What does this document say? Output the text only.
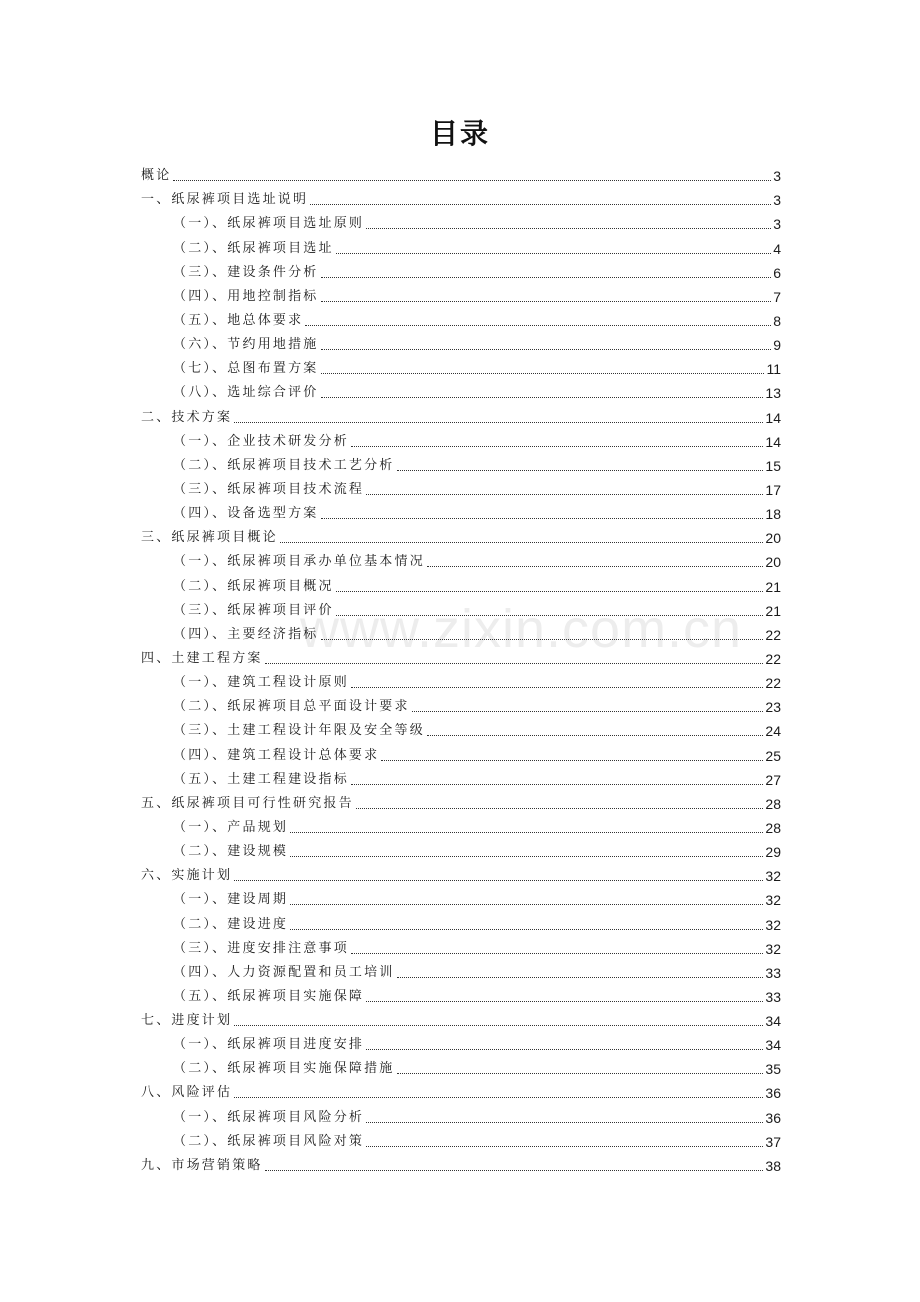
目录
www.zixin.com.cn
概论	3
一、纸尿裤项目选址说明	3
（一）、纸尿裤项目选址原则	3
（二）、纸尿裤项目选址	4
（三）、建设条件分析	6
（四）、用地控制指标	7
（五）、地总体要求	8
（六）、节约用地措施	9
（七）、总图布置方案	11
（八）、选址综合评价	13
二、技术方案	14
（一）、企业技术研发分析	14
（二）、纸尿裤项目技术工艺分析	15
（三）、纸尿裤项目技术流程	17
（四）、设备选型方案	18
三、纸尿裤项目概论	20
（一）、纸尿裤项目承办单位基本情况	20
（二）、纸尿裤项目概况	21
（三）、纸尿裤项目评价	21
（四）、主要经济指标	22
四、土建工程方案	22
（一）、建筑工程设计原则	22
（二）、纸尿裤项目总平面设计要求	23
（三）、土建工程设计年限及安全等级	24
（四）、建筑工程设计总体要求	25
（五）、土建工程建设指标	27
五、纸尿裤项目可行性研究报告	28
（一）、产品规划	28
（二）、建设规模	29
六、实施计划	32
（一）、建设周期	32
（二）、建设进度	32
（三）、进度安排注意事项	32
（四）、人力资源配置和员工培训	33
（五）、纸尿裤项目实施保障	33
七、进度计划	34
（一）、纸尿裤项目进度安排	34
（二）、纸尿裤项目实施保障措施	35
八、风险评估	36
（一）、纸尿裤项目风险分析	36
（二）、纸尿裤项目风险对策	37
九、市场营销策略	38
